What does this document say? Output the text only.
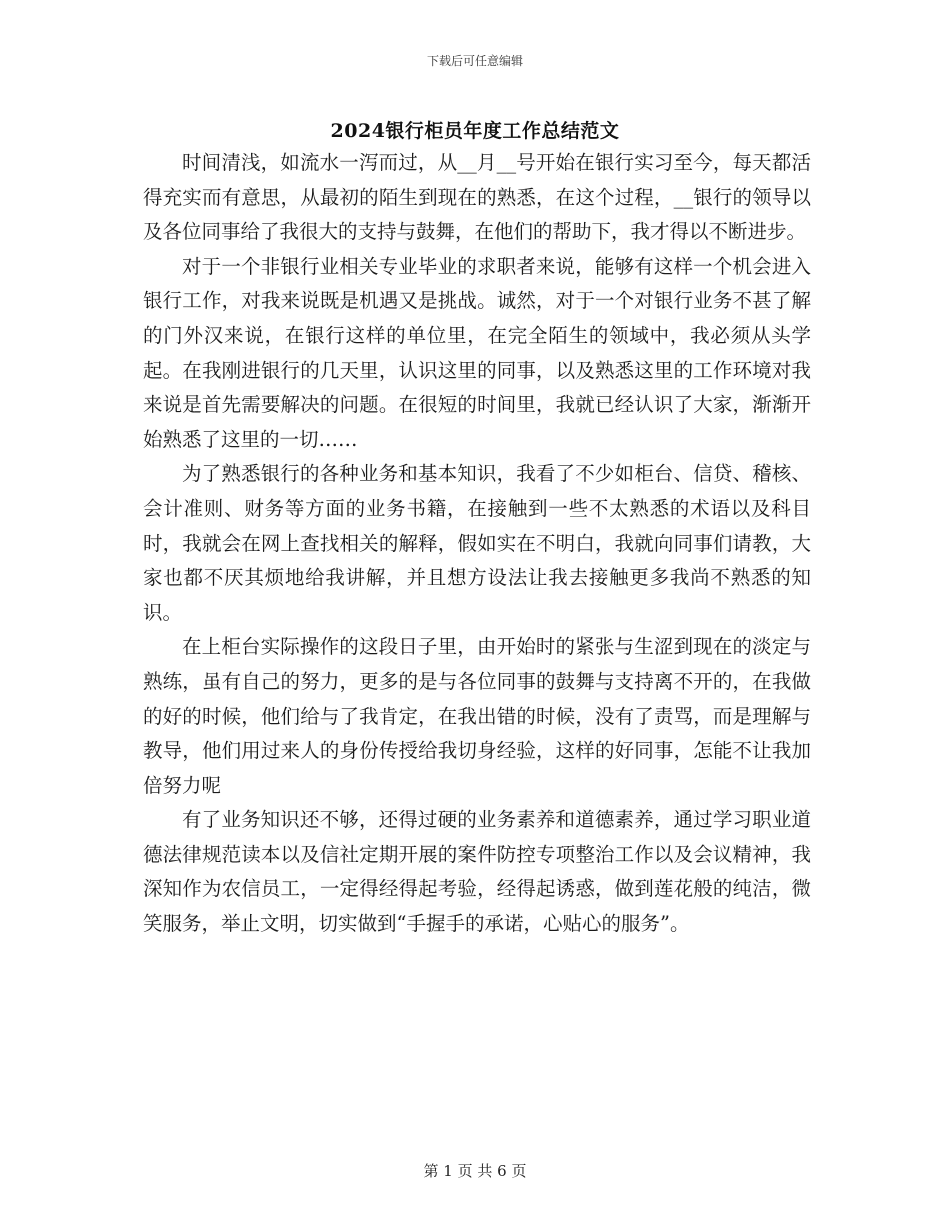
下载后可任意编辑
2024银行柜员年度工作总结范文

时间清浅，如流水一泻而过，从__月__号开始在银行实习至今，每天都活得充实而有意思，从最初的陌生到现在的熟悉，在这个过程，__银行的领导以及各位同事给了我很大的支持与鼓舞，在他们的帮助下，我才得以不断进步。

对于一个非银行业相关专业毕业的求职者来说，能够有这样一个机会进入银行工作，对我来说既是机遇又是挑战。诚然，对于一个对银行业务不甚了解的门外汉来说，在银行这样的单位里，在完全陌生的领域中，我必须从头学起。在我刚进银行的几天里，认识这里的同事，以及熟悉这里的工作环境对我来说是首先需要解决的问题。在很短的时间里，我就已经认识了大家，渐渐开始熟悉了这里的一切……

为了熟悉银行的各种业务和基本知识，我看了不少如柜台、信贷、稽核、会计准则、财务等方面的业务书籍，在接触到一些不太熟悉的术语以及科目时，我就会在网上查找相关的解释，假如实在不明白，我就向同事们请教，大家也都不厌其烦地给我讲解，并且想方设法让我去接触更多我尚不熟悉的知识。

在上柜台实际操作的这段日子里，由开始时的紧张与生涩到现在的淡定与熟练，虽有自己的努力，更多的是与各位同事的鼓舞与支持离不开的，在我做的好的时候，他们给与了我肯定，在我出错的时候，没有了责骂，而是理解与教导，他们用过来人的身份传授给我切身经验，这样的好同事，怎能不让我加倍努力呢

有了业务知识还不够，还得过硬的业务素养和道德素养，通过学习职业道德法律规范读本以及信社定期开展的案件防控专项整治工作以及会议精神，我深知作为农信员工，一定得经得起考验，经得起诱惑，做到莲花般的纯洁，微笑服务，举止文明，切实做到“手握手的承诺，心贴心的服务”。

第 1 页 共 6 页
